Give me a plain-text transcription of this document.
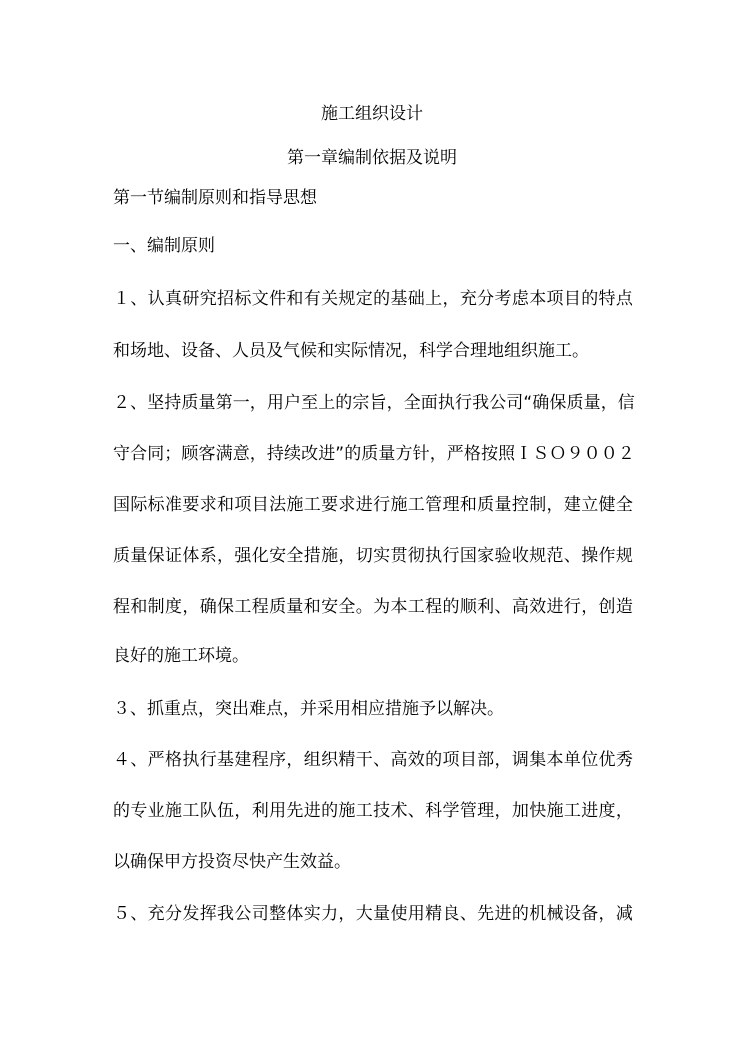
施工组织设计
第一章编制依据及说明
第一节编制原则和指导思想
一、编制原则
１、认真研究招标文件和有关规定的基础上，充分考虑本项目的特点
和场地、设备、人员及气候和实际情况，科学合理地组织施工。
２、坚持质量第一，用户至上的宗旨，全面执行我公司“确保质量，信
守合同；顾客满意，持续改进”的质量方针，严格按照ＩＳＯ９００２
国际标准要求和项目法施工要求进行施工管理和质量控制，建立健全
质量保证体系，强化安全措施，切实贯彻执行国家验收规范、操作规
程和制度，确保工程质量和安全。为本工程的顺利、高效进行，创造
良好的施工环境。
３、抓重点，突出难点，并采用相应措施予以解决。
４、严格执行基建程序，组织精干、高效的项目部，调集本单位优秀
的专业施工队伍，利用先进的施工技术、科学管理，加快施工进度，
以确保甲方投资尽快产生效益。
５、充分发挥我公司整体实力，大量使用精良、先进的机械设备，减
